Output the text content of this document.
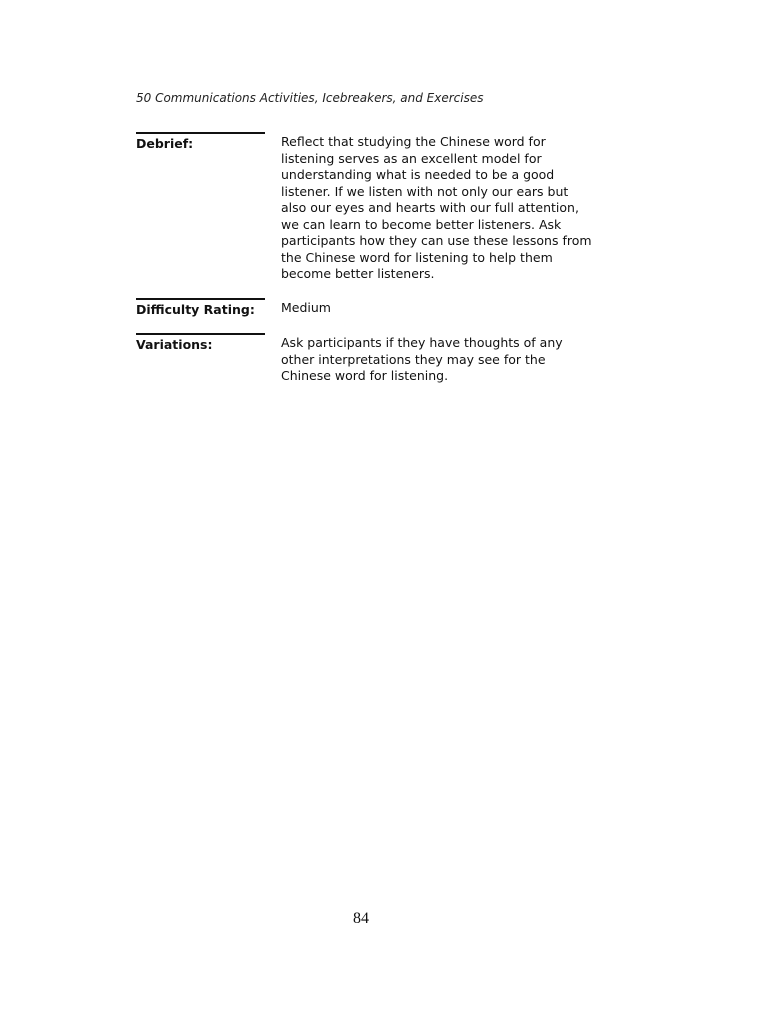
50 Communications Activities, Icebreakers, and Exercises
Debrief:	Reflect that studying the Chinese word for
listening serves as an excellent model for
understanding what is needed to be a good
listener. If we listen with not only our ears but
also our eyes and hearts with our full attention,
we can learn to become better listeners. Ask
participants how they can use these lessons from
the Chinese word for listening to help them
become better listeners.
Difficulty Rating:	Medium
Variations:	Ask participants if they have thoughts of any
other interpretations they may see for the
Chinese word for listening.
84
